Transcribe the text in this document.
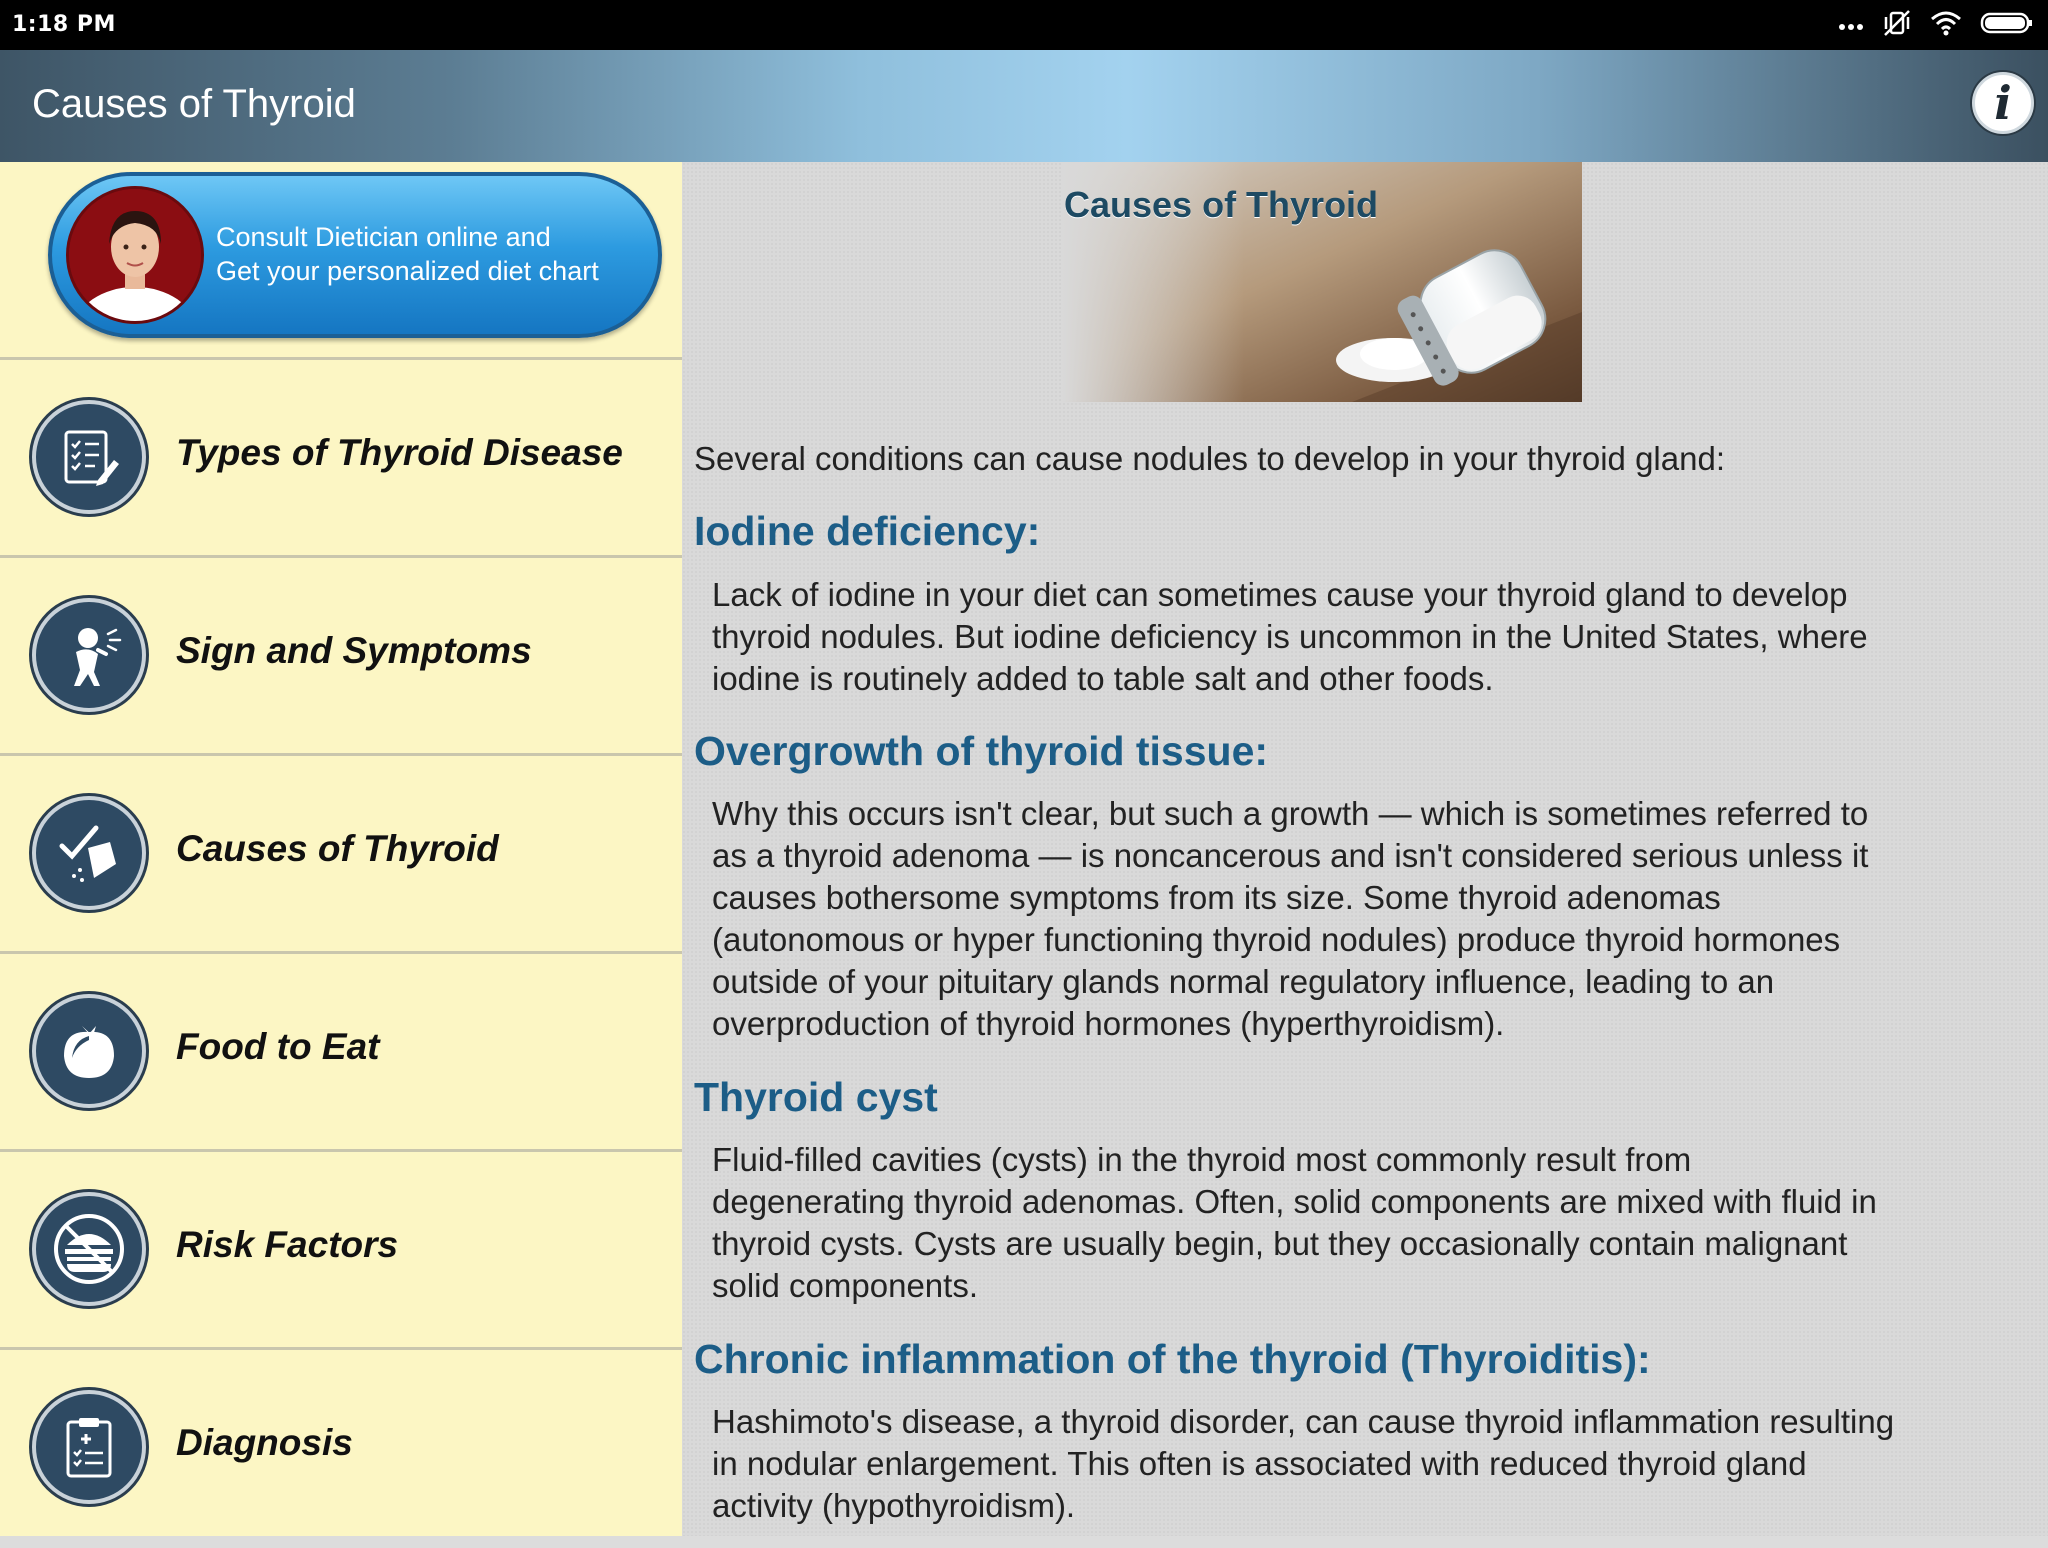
1:18 PM
Causes of Thyroid	i
Consult Dietician online and
Get your personalized diet chart
Types of Thyroid Disease
Sign and Symptoms
Causes of Thyroid
Food to Eat
Risk Factors
Diagnosis
Causes of Thyroid
Several conditions can cause nodules to develop in your thyroid gland:
Iodine deficiency:
Lack of iodine in your diet can sometimes cause your thyroid gland to develop
thyroid nodules. But iodine deficiency is uncommon in the United States, where
iodine is routinely added to table salt and other foods.
Overgrowth of thyroid tissue:
Why this occurs isn't clear, but such a growth — which is sometimes referred to
as a thyroid adenoma — is noncancerous and isn't considered serious unless it
causes bothersome symptoms from its size. Some thyroid adenomas
(autonomous or hyper functioning thyroid nodules) produce thyroid hormones
outside of your pituitary glands normal regulatory influence, leading to an
overproduction of thyroid hormones (hyperthyroidism).
Thyroid cyst
Fluid-filled cavities (cysts) in the thyroid most commonly result from
degenerating thyroid adenomas. Often, solid components are mixed with fluid in
thyroid cysts. Cysts are usually begin, but they occasionally contain malignant
solid components.
Chronic inflammation of the thyroid (Thyroiditis):
Hashimoto's disease, a thyroid disorder, can cause thyroid inflammation resulting
in nodular enlargement. This often is associated with reduced thyroid gland
activity (hypothyroidism).
